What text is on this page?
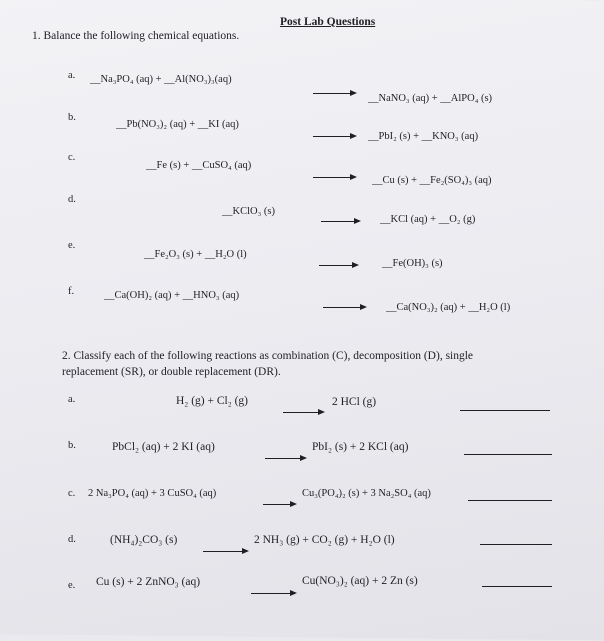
Post Lab Questions
1. Balance the following chemical equations.
a. __Na₃PO₄ (aq) + __Al(NO₃)₃(aq)
__NaNO₃ (aq) + __AlPO₄ (s)
b.
__Pb(NO₃)₂ (aq) + __KI (aq)
__PbI₂ (s) + __KNO₃ (aq)
c.
__Fe (s) + __CuSO₄ (aq)
__Cu (s) + __Fe₂(SO₄)₃ (aq)
d.
__KClO₃ (s)
__KCl (aq) + __O₂ (g)
e.
__Fe₂O₃ (s) + __H₂O (l)
__Fe(OH)₃ (s)
f.	__Ca(OH)₂ (aq) + __HNO₃ (aq)
__Ca(NO₃)₂ (aq) + __H₂O (l)
2. Classify each of the following reactions as combination (C), decomposition (D), single
replacement (SR), or double replacement (DR).
a.	H₂ (g) + Cl₂ (g)	2 HCl (g)
b.	PbCl₂ (aq) + 2 KI (aq)	PbI₂ (s) + 2 KCl (aq)
c. 2 Na₃PO₄ (aq) + 3 CuSO₄ (aq)	Cu₃(PO₄)₂ (s) + 3 Na₂SO₄ (aq)
d.	(NH₄)₂CO₃ (s)	2 NH₃ (g) + CO₂ (g) + H₂O (l)
e. Cu (s) + 2 ZnNO₃ (aq)	Cu(NO₃)₂ (aq) + 2 Zn (s)
